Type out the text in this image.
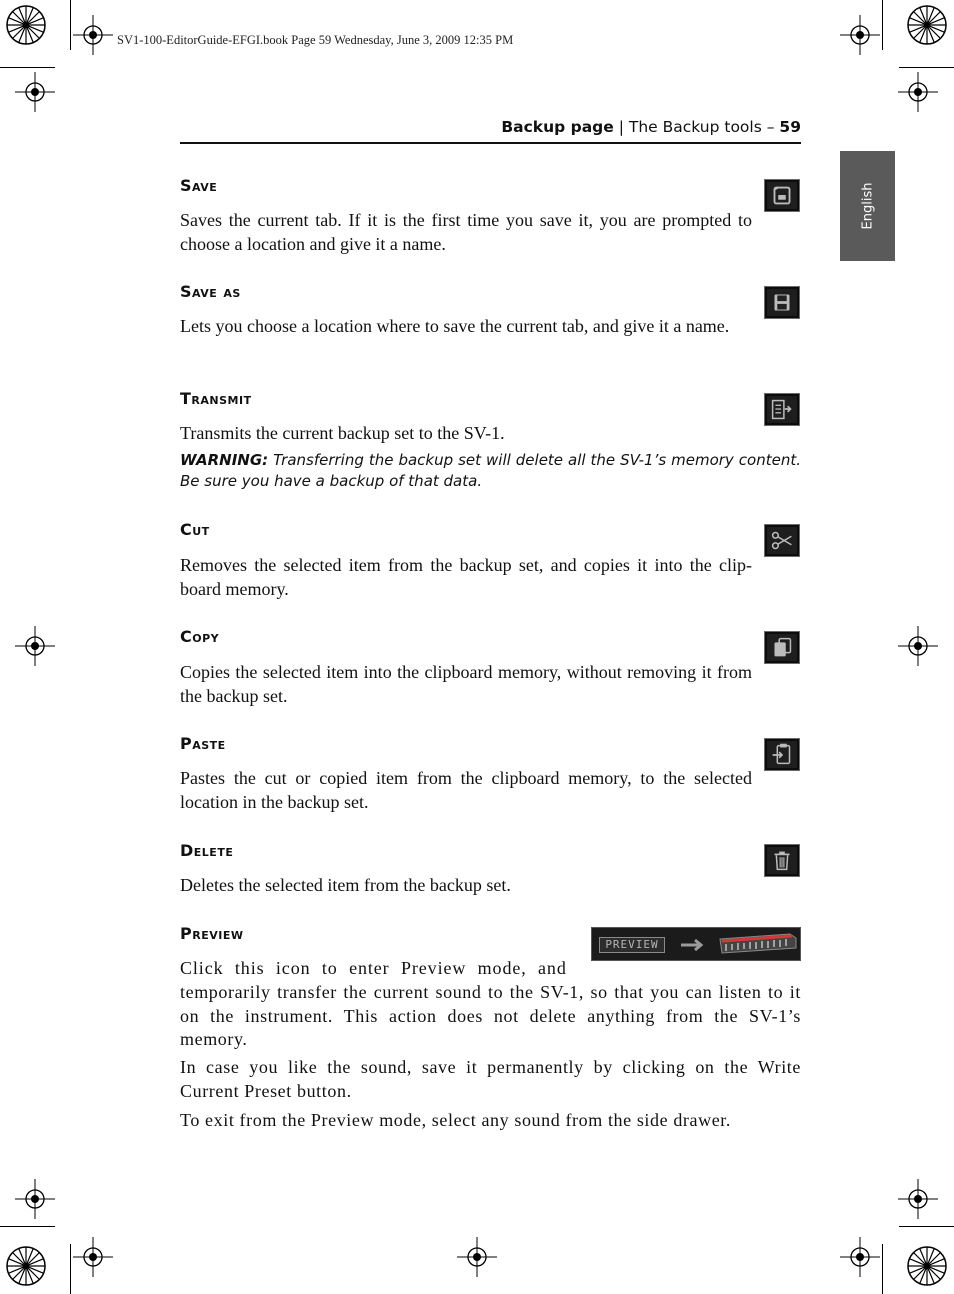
SV1-100-EditorGuide-EFGI.book Page 59 Wednesday, June 3, 2009 12:35 PM
English
Backup page | The Backup tools – 59
Save
Saves the current tab. If it is the first time you save it, you are prompted to choose a location and give it a name.
Save as
Lets you choose a location where to save the current tab, and give it a name.
Transmit
Transmits the current backup set to the SV-1.
WARNING: Transferring the backup set will delete all the SV-1’s memory content. Be sure you have a backup of that data.
Cut
Removes the selected item from the backup set, and copies it into the clip-board memory.
Copy
Copies the selected item into the clipboard memory, without removing it from the backup set.
Paste
Pastes the cut or copied item from the clipboard memory, to the selected location in the backup set.
Delete
Deletes the selected item from the backup set.
Preview
PREVIEW
Click this icon to enter Preview mode, and
temporarily transfer the current sound to the SV-1, so that you can listen to it on the instrument. This action does not delete anything from the SV-1’s memory.
In case you like the sound, save it permanently by clicking on the Write Current Preset button.
To exit from the Preview mode, select any sound from the side drawer.
